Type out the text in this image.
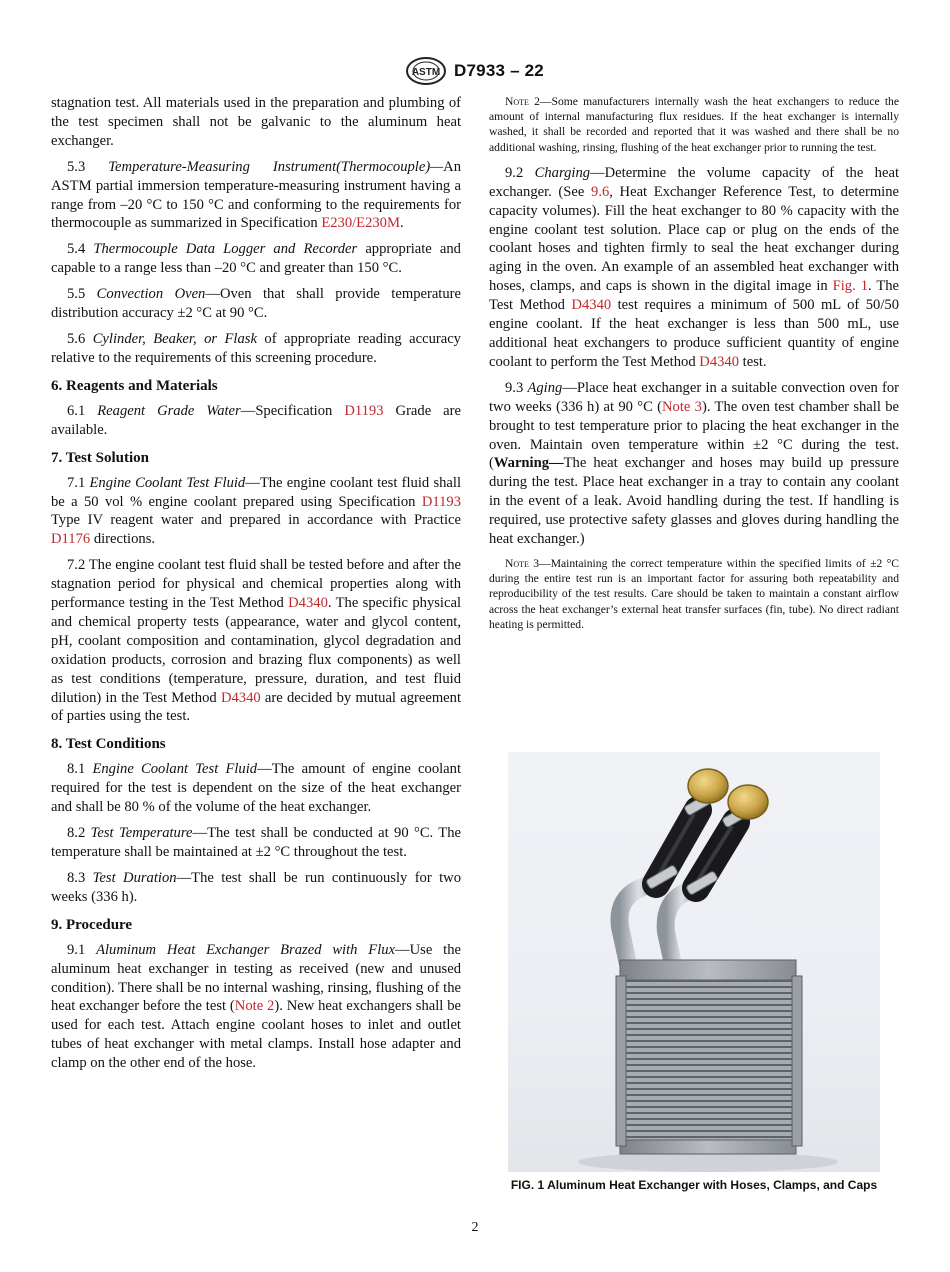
ASTM D7933 – 22

stagnation test. All materials used in the preparation and plumbing of the test specimen shall not be galvanic to the aluminum heat exchanger.

5.3 Temperature-Measuring Instrument(Thermocouple)—An ASTM partial immersion temperature-measuring instrument having a range from –20 °C to 150 °C and conforming to the requirements for thermocouple as summarized in Specification E230/E230M.

5.4 Thermocouple Data Logger and Recorder appropriate and capable to a range less than –20 °C and greater than 150 °C.

5.5 Convection Oven—Oven that shall provide temperature distribution accuracy ±2 °C at 90 °C.

5.6 Cylinder, Beaker, or Flask of appropriate reading accuracy relative to the requirements of this screening procedure.

6. Reagents and Materials

6.1 Reagent Grade Water—Specification D1193 Grade are available.

7. Test Solution

7.1 Engine Coolant Test Fluid—The engine coolant test fluid shall be a 50 vol % engine coolant prepared using Specification D1193 Type IV reagent water and prepared in accordance with Practice D1176 directions.

7.2 The engine coolant test fluid shall be tested before and after the stagnation period for physical and chemical properties along with performance testing in the Test Method D4340. The specific physical and chemical property tests (appearance, water and glycol content, pH, coolant composition and contamination, glycol degradation and oxidation products, corrosion and brazing flux components) as well as test conditions (temperature, pressure, duration, and test fluid dilution) in the Test Method D4340 are decided by mutual agreement of parties using the test.

8. Test Conditions

8.1 Engine Coolant Test Fluid—The amount of engine coolant required for the test is dependent on the size of the heat exchanger and shall be 80 % of the volume of the heat exchanger.

8.2 Test Temperature—The test shall be conducted at 90 °C. The temperature shall be maintained at ±2 °C throughout the test.

8.3 Test Duration—The test shall be run continuously for two weeks (336 h).

9. Procedure

9.1 Aluminum Heat Exchanger Brazed with Flux—Use the aluminum heat exchanger in testing as received (new and unused condition). There shall be no internal washing, rinsing, flushing of the heat exchanger before the test (Note 2). New heat exchangers shall be used for each test. Attach engine coolant hoses to inlet and outlet tubes of heat exchanger with metal clamps. Install hose adapter and clamp on the other end of the hose.

Note 2—Some manufacturers internally wash the heat exchangers to reduce the amount of internal manufacturing flux residues. If the heat exchanger is internally washed, it shall be recorded and reported that it was washed and there shall be no additional washing, rinsing, flushing of the heat exchanger prior to running the test.

9.2 Charging—Determine the volume capacity of the heat exchanger. (See 9.6, Heat Exchanger Reference Test, to determine capacity volumes). Fill the heat exchanger to 80 % capacity with the engine coolant test solution. Place cap or plug on the ends of the coolant hoses and tighten firmly to seal the heat exchanger during aging in the oven. An example of an assembled heat exchanger with hoses, clamps, and caps is shown in the digital image in Fig. 1. The Test Method D4340 test requires a minimum of 500 mL of 50/50 engine coolant. If the heat exchanger is less than 500 mL, use additional heat exchangers to produce sufficient quantity of engine coolant to perform the Test Method D4340 test.

9.3 Aging—Place heat exchanger in a suitable convection oven for two weeks (336 h) at 90 °C (Note 3). The oven test chamber shall be brought to test temperature prior to placing the heat exchanger in the oven. Maintain oven temperature within ±2 °C during the test. (Warning—The heat exchanger and hoses may build up pressure during the test. Place heat exchanger in a tray to contain any coolant in the event of a leak. Avoid handling during the test. If handling is required, use protective safety glasses and gloves during handling the heat exchanger.)

Note 3—Maintaining the correct temperature within the specified limits of ±2 °C during the entire test run is an important factor for assuring both repeatability and reproducibility of the test results. Care should be taken to maintain a constant airflow across the heat exchanger’s external heat transfer surfaces (fin, tube). No direct radiant heating is permitted.

FIG. 1 Aluminum Heat Exchanger with Hoses, Clamps, and Caps
2
